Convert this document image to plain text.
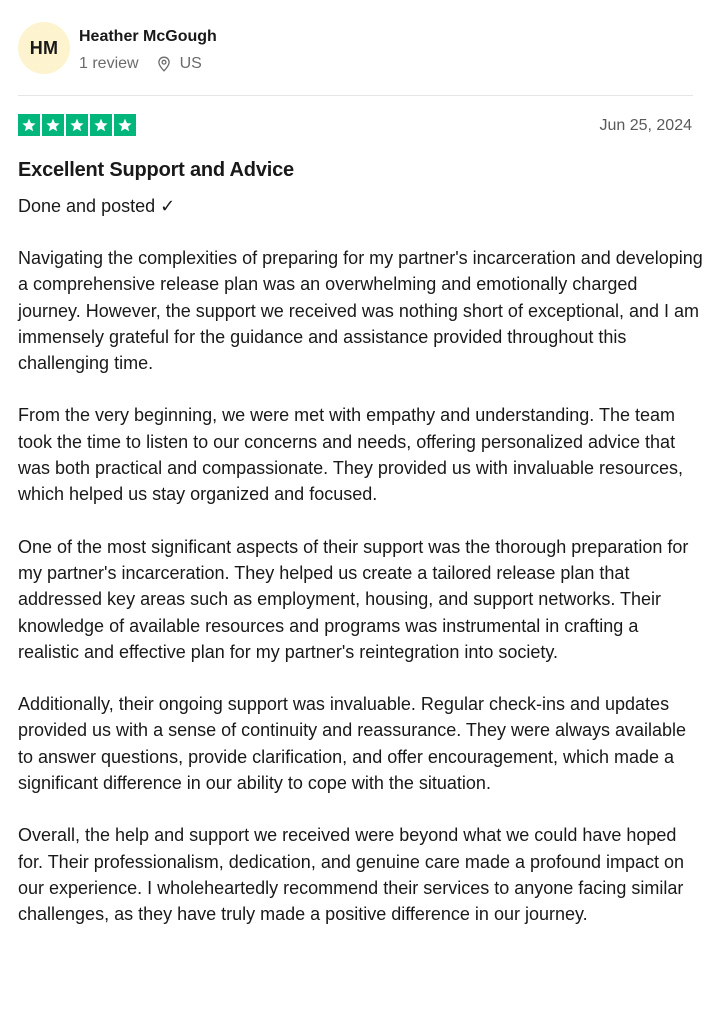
HM
Heather McGough
1 review	US
Jun 25, 2024
Excellent Support and Advice
Done and posted ✓

Navigating the complexities of preparing for my partner's incarceration and developing a comprehensive release plan was an overwhelming and emotionally charged journey. However, the support we received was nothing short of exceptional, and I am immensely grateful for the guidance and assistance provided throughout this challenging time.

From the very beginning, we were met with empathy and understanding. The team took the time to listen to our concerns and needs, offering personalized advice that was both practical and compassionate. They provided us with invaluable resources, which helped us stay organized and focused.

One of the most significant aspects of their support was the thorough preparation for my partner's incarceration. They helped us create a tailored release plan that addressed key areas such as employment, housing, and support networks. Their knowledge of available resources and programs was instrumental in crafting a realistic and effective plan for my partner's reintegration into society.

Additionally, their ongoing support was invaluable. Regular check-ins and updates provided us with a sense of continuity and reassurance. They were always available to answer questions, provide clarification, and offer encouragement, which made a significant difference in our ability to cope with the situation.

Overall, the help and support we received were beyond what we could have hoped for. Their professionalism, dedication, and genuine care made a profound impact on our experience. I wholeheartedly recommend their services to anyone facing similar challenges, as they have truly made a positive difference in our journey.
